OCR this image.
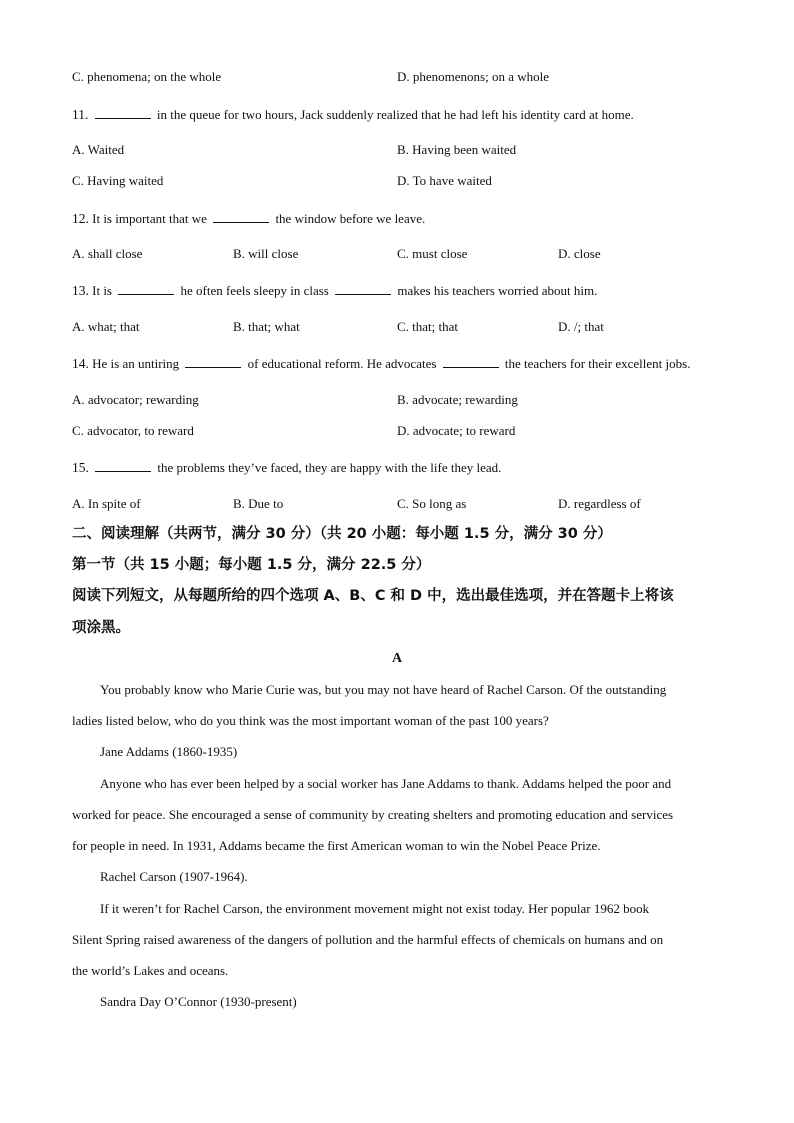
C. phenomena; on the whole	D. phenomenons; on a whole
11.	in the queue for two hours, Jack suddenly realized that he had left his identity card at home.
A. Waited	B. Having been waited
C. Having waited	D. To have waited
12. It is important that we	the window before we leave.
A. shall close	B. will close	C. must close	D. close
13. It is	he often feels sleepy in class	makes his teachers worried about him.
A. what; that	B. that; what	C. that; that	D. /; that
14. He is an untiring	of educational reform. He advocates	the teachers for their excellent jobs.
A. advocator; rewarding	B. advocate; rewarding
C. advocator, to reward	D. advocate; to reward
15.	the problems they’ve faced, they are happy with the life they lead.
A. In spite of	B. Due to	C. So long as	D. regardless of
二、阅读理解（共两节，满分 30 分）（共 20 小题：每小题 1.5 分，满分 30 分）
第一节（共 15 小题；每小题 1.5 分，满分 22.5 分）
阅读下列短文，从每题所给的四个选项 A、B、C 和 D 中，选出最佳选项，并在答题卡上将该
项涂黑。
A
You probably know who Marie Curie was, but you may not have heard of Rachel Carson. Of the outstanding
ladies listed below, who do you think was the most important woman of the past 100 years?
Jane Addams (1860-1935)
Anyone who has ever been helped by a social worker has Jane Addams to thank. Addams helped the poor and
worked for peace. She encouraged a sense of community by creating shelters and promoting education and services
for people in need. In 1931, Addams became the first American woman to win the Nobel Peace Prize.
Rachel Carson (1907-1964).
If it weren’t for Rachel Carson, the environment movement might not exist today. Her popular 1962 book
Silent Spring raised awareness of the dangers of pollution and the harmful effects of chemicals on humans and on
the world’s Lakes and oceans.
Sandra Day O’Connor (1930-present)
